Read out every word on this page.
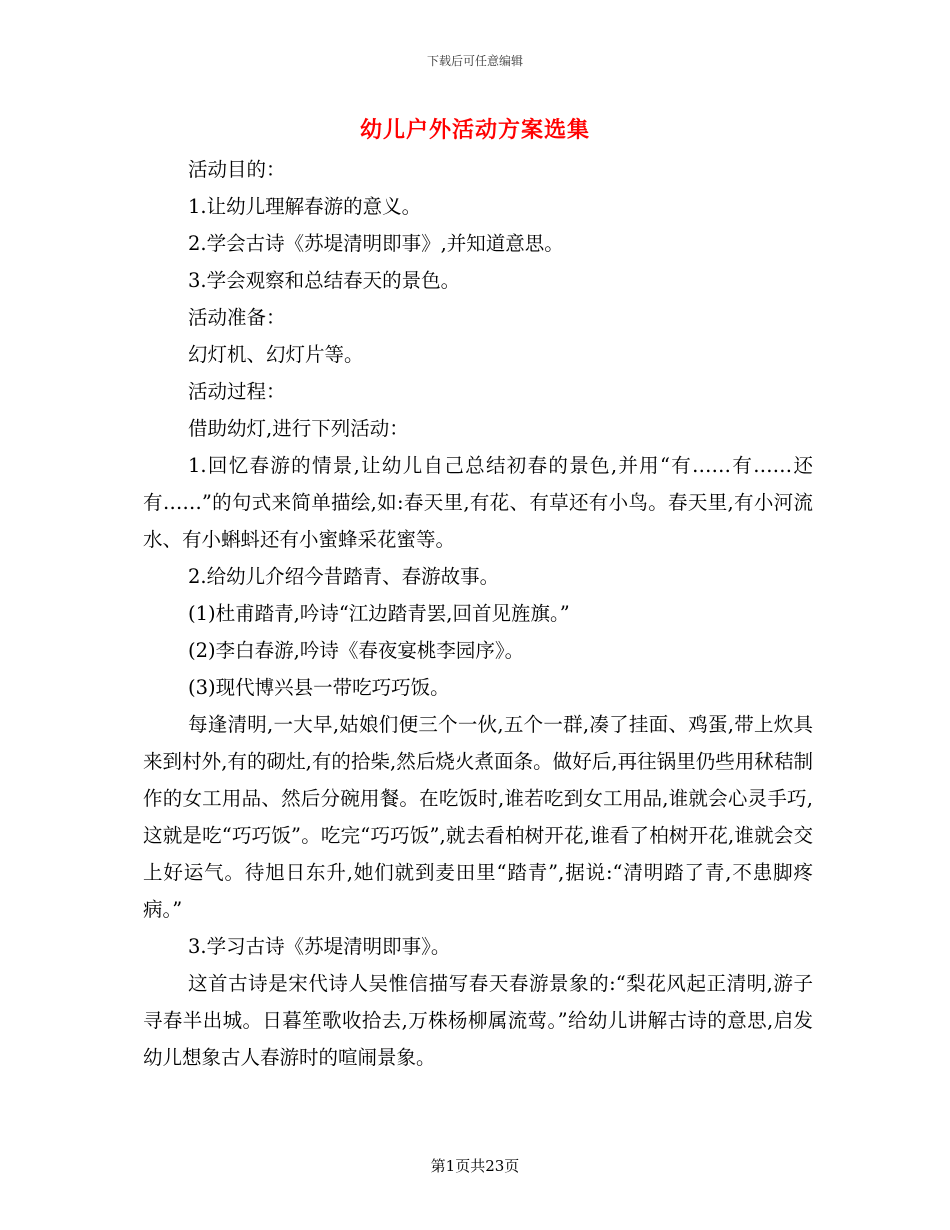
下载后可任意编辑
幼儿户外活动方案选集

活动目的：

1.让幼儿理解春游的意义。

2.学会古诗《苏堤清明即事》,并知道意思。

3.学会观察和总结春天的景色。

活动准备：

幻灯机、幻灯片等。

活动过程：

借助幼灯,进行下列活动：

1.回忆春游的情景,让幼儿自己总结初春的景色,并用“有……有……还有……”的句式来简单描绘,如:春天里,有花、有草还有小鸟。春天里,有小河流水、有小蝌蚪还有小蜜蜂采花蜜等。

2.给幼儿介绍今昔踏青、春游故事。

(1)杜甫踏青,吟诗“江边踏青罢,回首见旌旗。”

(2)李白春游,吟诗《春夜宴桃李园序》。

(3)现代博兴县一带吃巧巧饭。

每逢清明,一大早,姑娘们便三个一伙,五个一群,凑了挂面、鸡蛋,带上炊具来到村外,有的砌灶,有的拾柴,然后烧火煮面条。做好后,再往锅里仍些用秫秸制作的女工用品、然后分碗用餐。在吃饭时,谁若吃到女工用品,谁就会心灵手巧,这就是吃“巧巧饭”。吃完“巧巧饭”,就去看柏树开花,谁看了柏树开花,谁就会交上好运气。待旭日东升,她们就到麦田里“踏青”,据说:“清明踏了青,不患脚疼病。”

3.学习古诗《苏堤清明即事》。

这首古诗是宋代诗人吴惟信描写春天春游景象的:“梨花风起正清明,游子寻春半出城。日暮笙歌收拾去,万株杨柳属流莺。”给幼儿讲解古诗的意思,启发幼儿想象古人春游时的喧闹景象。

第1页共23页
